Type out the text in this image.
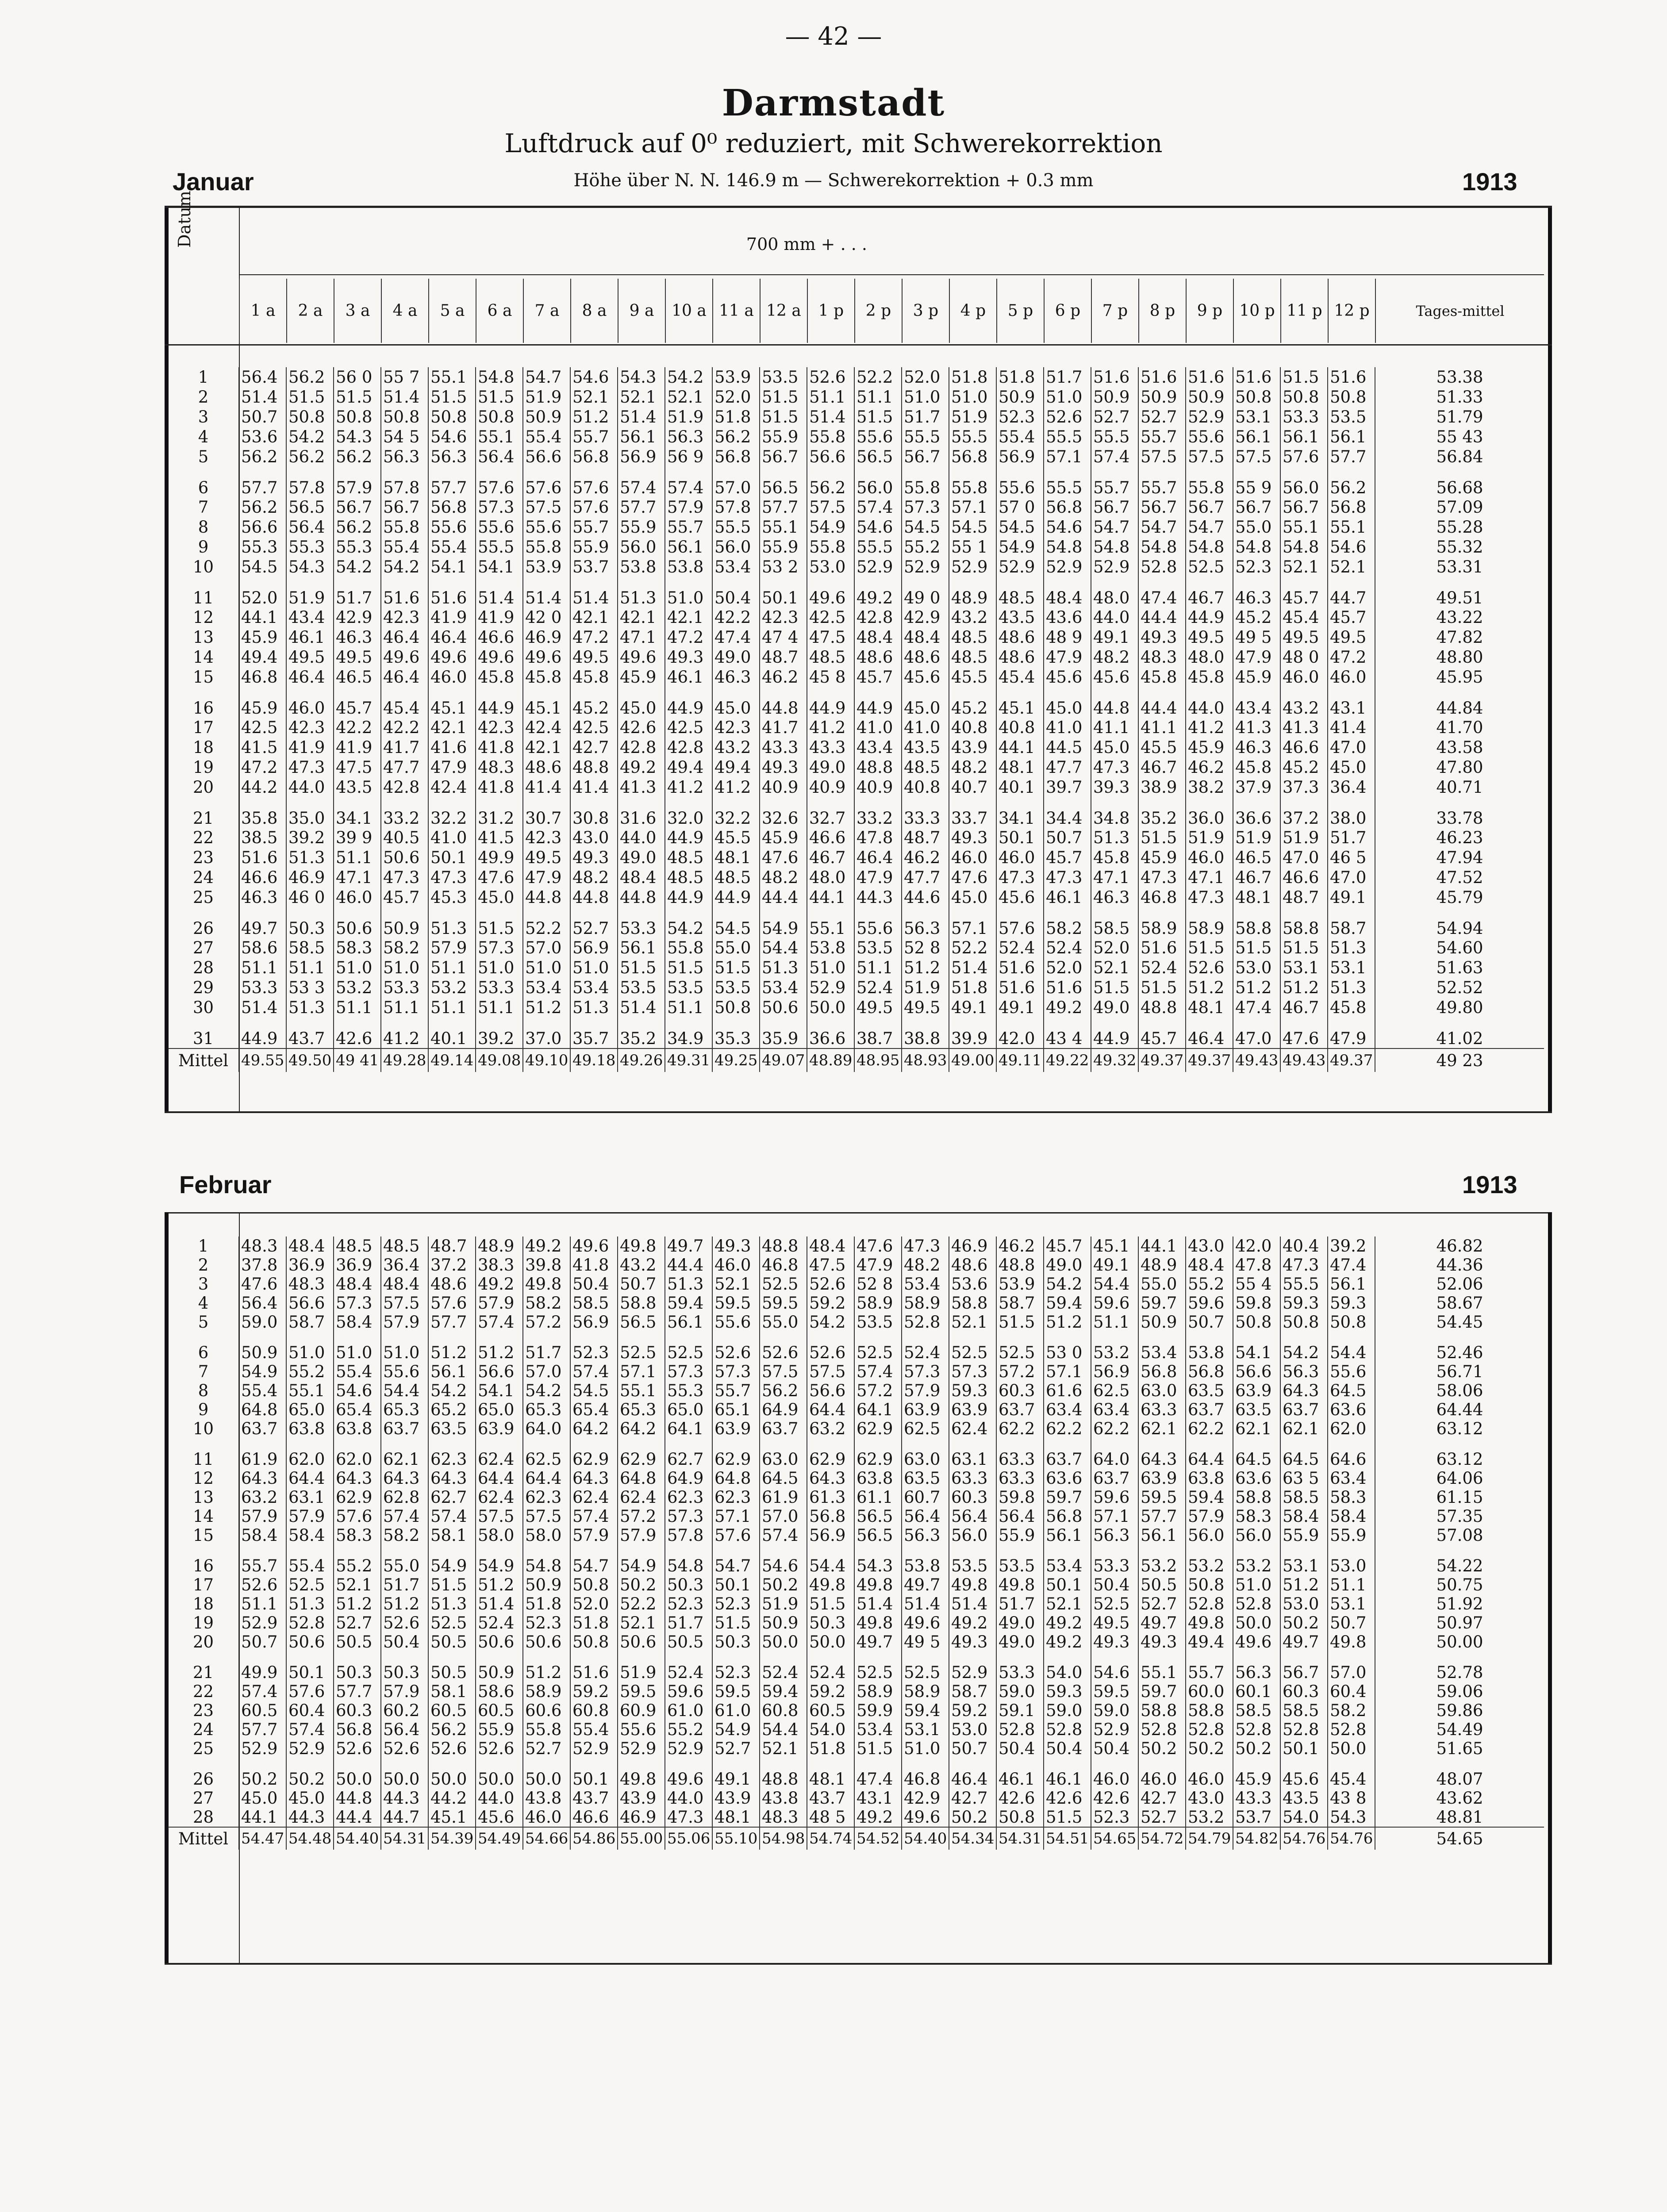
— 42 —
Darmstadt
Luftdruck auf 0⁰ reduziert, mit Schwerekorrektion
Höhe über N. N. 146.9 m — Schwerekorrektion + 0.3 mm
Januar	1913
Datum	700 mm + . . .
1 a	2 a	3 a	4 a	5 a	6 a	7 a	8 a	9 a	10 a	11 a	12 a	1 p	2 p	3 p	4 p	5 p	6 p	7 p	8 p	9 p	10 p	11 p	12 p	Tages-mittel
1	56.4	56.2	56 0	55 7	55.1	54.8	54.7	54.6	54.3	54.2	53.9	53.5	52.6	52.2	52.0	51.8	51.8	51.7	51.6	51.6	51.6	51.6	51.5	51.6	53.38
2	51.4	51.5	51.5	51.4	51.5	51.5	51.9	52.1	52.1	52.1	52.0	51.5	51.1	51.1	51.0	51.0	50.9	51.0	50.9	50.9	50.9	50.8	50.8	50.8	51.33
3	50.7	50.8	50.8	50.8	50.8	50.8	50.9	51.2	51.4	51.9	51.8	51.5	51.4	51.5	51.7	51.9	52.3	52.6	52.7	52.7	52.9	53.1	53.3	53.5	51.79
4	53.6	54.2	54.3	54 5	54.6	55.1	55.4	55.7	56.1	56.3	56.2	55.9	55.8	55.6	55.5	55.5	55.4	55.5	55.5	55.7	55.6	56.1	56.1	56.1	55 43
5	56.2	56.2	56.2	56.3	56.3	56.4	56.6	56.8	56.9	56 9	56.8	56.7	56.6	56.5	56.7	56.8	56.9	57.1	57.4	57.5	57.5	57.5	57.6	57.7	56.84
6	57.7	57.8	57.9	57.8	57.7	57.6	57.6	57.6	57.4	57.4	57.0	56.5	56.2	56.0	55.8	55.8	55.6	55.5	55.7	55.7	55.8	55 9	56.0	56.2	56.68
7	56.2	56.5	56.7	56.7	56.8	57.3	57.5	57.6	57.7	57.9	57.8	57.7	57.5	57.4	57.3	57.1	57 0	56.8	56.7	56.7	56.7	56.7	56.7	56.8	57.09
8	56.6	56.4	56.2	55.8	55.6	55.6	55.6	55.7	55.9	55.7	55.5	55.1	54.9	54.6	54.5	54.5	54.5	54.6	54.7	54.7	54.7	55.0	55.1	55.1	55.28
9	55.3	55.3	55.3	55.4	55.4	55.5	55.8	55.9	56.0	56.1	56.0	55.9	55.8	55.5	55.2	55 1	54.9	54.8	54.8	54.8	54.8	54.8	54.8	54.6	55.32
10	54.5	54.3	54.2	54.2	54.1	54.1	53.9	53.7	53.8	53.8	53.4	53 2	53.0	52.9	52.9	52.9	52.9	52.9	52.9	52.8	52.5	52.3	52.1	52.1	53.31
11	52.0	51.9	51.7	51.6	51.6	51.4	51.4	51.4	51.3	51.0	50.4	50.1	49.6	49.2	49 0	48.9	48.5	48.4	48.0	47.4	46.7	46.3	45.7	44.7	49.51
12	44.1	43.4	42.9	42.3	41.9	41.9	42 0	42.1	42.1	42.1	42.2	42.3	42.5	42.8	42.9	43.2	43.5	43.6	44.0	44.4	44.9	45.2	45.4	45.7	43.22
13	45.9	46.1	46.3	46.4	46.4	46.6	46.9	47.2	47.1	47.2	47.4	47 4	47.5	48.4	48.4	48.5	48.6	48 9	49.1	49.3	49.5	49 5	49.5	49.5	47.82
14	49.4	49.5	49.5	49.6	49.6	49.6	49.6	49.5	49.6	49.3	49.0	48.7	48.5	48.6	48.6	48.5	48.6	47.9	48.2	48.3	48.0	47.9	48 0	47.2	48.80
15	46.8	46.4	46.5	46.4	46.0	45.8	45.8	45.8	45.9	46.1	46.3	46.2	45 8	45.7	45.6	45.5	45.4	45.6	45.6	45.8	45.8	45.9	46.0	46.0	45.95
16	45.9	46.0	45.7	45.4	45.1	44.9	45.1	45.2	45.0	44.9	45.0	44.8	44.9	44.9	45.0	45.2	45.1	45.0	44.8	44.4	44.0	43.4	43.2	43.1	44.84
17	42.5	42.3	42.2	42.2	42.1	42.3	42.4	42.5	42.6	42.5	42.3	41.7	41.2	41.0	41.0	40.8	40.8	41.0	41.1	41.1	41.2	41.3	41.3	41.4	41.70
18	41.5	41.9	41.9	41.7	41.6	41.8	42.1	42.7	42.8	42.8	43.2	43.3	43.3	43.4	43.5	43.9	44.1	44.5	45.0	45.5	45.9	46.3	46.6	47.0	43.58
19	47.2	47.3	47.5	47.7	47.9	48.3	48.6	48.8	49.2	49.4	49.4	49.3	49.0	48.8	48.5	48.2	48.1	47.7	47.3	46.7	46.2	45.8	45.2	45.0	47.80
20	44.2	44.0	43.5	42.8	42.4	41.8	41.4	41.4	41.3	41.2	41.2	40.9	40.9	40.9	40.8	40.7	40.1	39.7	39.3	38.9	38.2	37.9	37.3	36.4	40.71
21	35.8	35.0	34.1	33.2	32.2	31.2	30.7	30.8	31.6	32.0	32.2	32.6	32.7	33.2	33.3	33.7	34.1	34.4	34.8	35.2	36.0	36.6	37.2	38.0	33.78
22	38.5	39.2	39 9	40.5	41.0	41.5	42.3	43.0	44.0	44.9	45.5	45.9	46.6	47.8	48.7	49.3	50.1	50.7	51.3	51.5	51.9	51.9	51.9	51.7	46.23
23	51.6	51.3	51.1	50.6	50.1	49.9	49.5	49.3	49.0	48.5	48.1	47.6	46.7	46.4	46.2	46.0	46.0	45.7	45.8	45.9	46.0	46.5	47.0	46 5	47.94
24	46.6	46.9	47.1	47.3	47.3	47.6	47.9	48.2	48.4	48.5	48.5	48.2	48.0	47.9	47.7	47.6	47.3	47.3	47.1	47.3	47.1	46.7	46.6	47.0	47.52
25	46.3	46 0	46.0	45.7	45.3	45.0	44.8	44.8	44.8	44.9	44.9	44.4	44.1	44.3	44.6	45.0	45.6	46.1	46.3	46.8	47.3	48.1	48.7	49.1	45.79
26	49.7	50.3	50.6	50.9	51.3	51.5	52.2	52.7	53.3	54.2	54.5	54.9	55.1	55.6	56.3	57.1	57.6	58.2	58.5	58.9	58.9	58.8	58.8	58.7	54.94
27	58.6	58.5	58.3	58.2	57.9	57.3	57.0	56.9	56.1	55.8	55.0	54.4	53.8	53.5	52 8	52.2	52.4	52.4	52.0	51.6	51.5	51.5	51.5	51.3	54.60
28	51.1	51.1	51.0	51.0	51.1	51.0	51.0	51.0	51.5	51.5	51.5	51.3	51.0	51.1	51.2	51.4	51.6	52.0	52.1	52.4	52.6	53.0	53.1	53.1	51.63
29	53.3	53 3	53.2	53.3	53.2	53.3	53.4	53.4	53.5	53.5	53.5	53.4	52.9	52.4	51.9	51.8	51.6	51.6	51.5	51.5	51.2	51.2	51.2	51.3	52.52
30	51.4	51.3	51.1	51.1	51.1	51.1	51.2	51.3	51.4	51.1	50.8	50.6	50.0	49.5	49.5	49.1	49.1	49.2	49.0	48.8	48.1	47.4	46.7	45.8	49.80
31	44.9	43.7	42.6	41.2	40.1	39.2	37.0	35.7	35.2	34.9	35.3	35.9	36.6	38.7	38.8	39.9	42.0	43 4	44.9	45.7	46.4	47.0	47.6	47.9	41.02
Mittel	49.55	49.50	49 41	49.28	49.14	49.08	49.10	49.18	49.26	49.31	49.25	49.07	48.89	48.95	48.93	49.00	49.11	49.22	49.32	49.37	49.37	49.43	49.43	49.37	49 23
Februar	1913
1	48.3	48.4	48.5	48.5	48.7	48.9	49.2	49.6	49.8	49.7	49.3	48.8	48.4	47.6	47.3	46.9	46.2	45.7	45.1	44.1	43.0	42.0	40.4	39.2	46.82
2	37.8	36.9	36.9	36.4	37.2	38.3	39.8	41.8	43.2	44.4	46.0	46.8	47.5	47.9	48.2	48.6	48.8	49.0	49.1	48.9	48.4	47.8	47.3	47.4	44.36
3	47.6	48.3	48.4	48.4	48.6	49.2	49.8	50.4	50.7	51.3	52.1	52.5	52.6	52 8	53.4	53.6	53.9	54.2	54.4	55.0	55.2	55 4	55.5	56.1	52.06
4	56.4	56.6	57.3	57.5	57.6	57.9	58.2	58.5	58.8	59.4	59.5	59.5	59.2	58.9	58.9	58.8	58.7	59.4	59.6	59.7	59.6	59.8	59.3	59.3	58.67
5	59.0	58.7	58.4	57.9	57.7	57.4	57.2	56.9	56.5	56.1	55.6	55.0	54.2	53.5	52.8	52.1	51.5	51.2	51.1	50.9	50.7	50.8	50.8	50.8	54.45
6	50.9	51.0	51.0	51.0	51.2	51.2	51.7	52.3	52.5	52.5	52.6	52.6	52.6	52.5	52.4	52.5	52.5	53 0	53.2	53.4	53.8	54.1	54.2	54.4	52.46
7	54.9	55.2	55.4	55.6	56.1	56.6	57.0	57.4	57.1	57.3	57.3	57.5	57.5	57.4	57.3	57.3	57.2	57.1	56.9	56.8	56.8	56.6	56.3	55.6	56.71
8	55.4	55.1	54.6	54.4	54.2	54.1	54.2	54.5	55.1	55.3	55.7	56.2	56.6	57.2	57.9	59.3	60.3	61.6	62.5	63.0	63.5	63.9	64.3	64.5	58.06
9	64.8	65.0	65.4	65.3	65.2	65.0	65.3	65.4	65.3	65.0	65.1	64.9	64.4	64.1	63.9	63.9	63.7	63.4	63.4	63.3	63.7	63.5	63.7	63.6	64.44
10	63.7	63.8	63.8	63.7	63.5	63.9	64.0	64.2	64.2	64.1	63.9	63.7	63.2	62.9	62.5	62.4	62.2	62.2	62.2	62.1	62.2	62.1	62.1	62.0	63.12
11	61.9	62.0	62.0	62.1	62.3	62.4	62.5	62.9	62.9	62.7	62.9	63.0	62.9	62.9	63.0	63.1	63.3	63.7	64.0	64.3	64.4	64.5	64.5	64.6	63.12
12	64.3	64.4	64.3	64.3	64.3	64.4	64.4	64.3	64.8	64.9	64.8	64.5	64.3	63.8	63.5	63.3	63.3	63.6	63.7	63.9	63.8	63.6	63 5	63.4	64.06
13	63.2	63.1	62.9	62.8	62.7	62.4	62.3	62.4	62.4	62.3	62.3	61.9	61.3	61.1	60.7	60.3	59.8	59.7	59.6	59.5	59.4	58.8	58.5	58.3	61.15
14	57.9	57.9	57.6	57.4	57.4	57.5	57.5	57.4	57.2	57.3	57.1	57.0	56.8	56.5	56.4	56.4	56.4	56.8	57.1	57.7	57.9	58.3	58.4	58.4	57.35
15	58.4	58.4	58.3	58.2	58.1	58.0	58.0	57.9	57.9	57.8	57.6	57.4	56.9	56.5	56.3	56.0	55.9	56.1	56.3	56.1	56.0	56.0	55.9	55.9	57.08
16	55.7	55.4	55.2	55.0	54.9	54.9	54.8	54.7	54.9	54.8	54.7	54.6	54.4	54.3	53.8	53.5	53.5	53.4	53.3	53.2	53.2	53.2	53.1	53.0	54.22
17	52.6	52.5	52.1	51.7	51.5	51.2	50.9	50.8	50.2	50.3	50.1	50.2	49.8	49.8	49.7	49.8	49.8	50.1	50.4	50.5	50.8	51.0	51.2	51.1	50.75
18	51.1	51.3	51.2	51.2	51.3	51.4	51.8	52.0	52.2	52.3	52.3	51.9	51.5	51.4	51.4	51.4	51.7	52.1	52.5	52.7	52.8	52.8	53.0	53.1	51.92
19	52.9	52.8	52.7	52.6	52.5	52.4	52.3	51.8	52.1	51.7	51.5	50.9	50.3	49.8	49.6	49.2	49.0	49.2	49.5	49.7	49.8	50.0	50.2	50.7	50.97
20	50.7	50.6	50.5	50.4	50.5	50.6	50.6	50.8	50.6	50.5	50.3	50.0	50.0	49.7	49 5	49.3	49.0	49.2	49.3	49.3	49.4	49.6	49.7	49.8	50.00
21	49.9	50.1	50.3	50.3	50.5	50.9	51.2	51.6	51.9	52.4	52.3	52.4	52.4	52.5	52.5	52.9	53.3	54.0	54.6	55.1	55.7	56.3	56.7	57.0	52.78
22	57.4	57.6	57.7	57.9	58.1	58.6	58.9	59.2	59.5	59.6	59.5	59.4	59.2	58.9	58.9	58.7	59.0	59.3	59.5	59.7	60.0	60.1	60.3	60.4	59.06
23	60.5	60.4	60.3	60.2	60.5	60.5	60.6	60.8	60.9	61.0	61.0	60.8	60.5	59.9	59.4	59.2	59.1	59.0	59.0	58.8	58.8	58.5	58.5	58.2	59.86
24	57.7	57.4	56.8	56.4	56.2	55.9	55.8	55.4	55.6	55.2	54.9	54.4	54.0	53.4	53.1	53.0	52.8	52.8	52.9	52.8	52.8	52.8	52.8	52.8	54.49
25	52.9	52.9	52.6	52.6	52.6	52.6	52.7	52.9	52.9	52.9	52.7	52.1	51.8	51.5	51.0	50.7	50.4	50.4	50.4	50.2	50.2	50.2	50.1	50.0	51.65
26	50.2	50.2	50.0	50.0	50.0	50.0	50.0	50.1	49.8	49.6	49.1	48.8	48.1	47.4	46.8	46.4	46.1	46.1	46.0	46.0	46.0	45.9	45.6	45.4	48.07
27	45.0	45.0	44.8	44.3	44.2	44.0	43.8	43.7	43.9	44.0	43.9	43.8	43.7	43.1	42.9	42.7	42.6	42.6	42.6	42.7	43.0	43.3	43.5	43 8	43.62
28	44.1	44.3	44.4	44.7	45.1	45.6	46.0	46.6	46.9	47.3	48.1	48.3	48 5	49.2	49.6	50.2	50.8	51.5	52.3	52.7	53.2	53.7	54.0	54.3	48.81
Mittel	54.47	54.48	54.40	54.31	54.39	54.49	54.66	54.86	55.00	55.06	55.10	54.98	54.74	54.52	54.40	54.34	54.31	54.51	54.65	54.72	54.79	54.82	54.76	54.76	54.65
